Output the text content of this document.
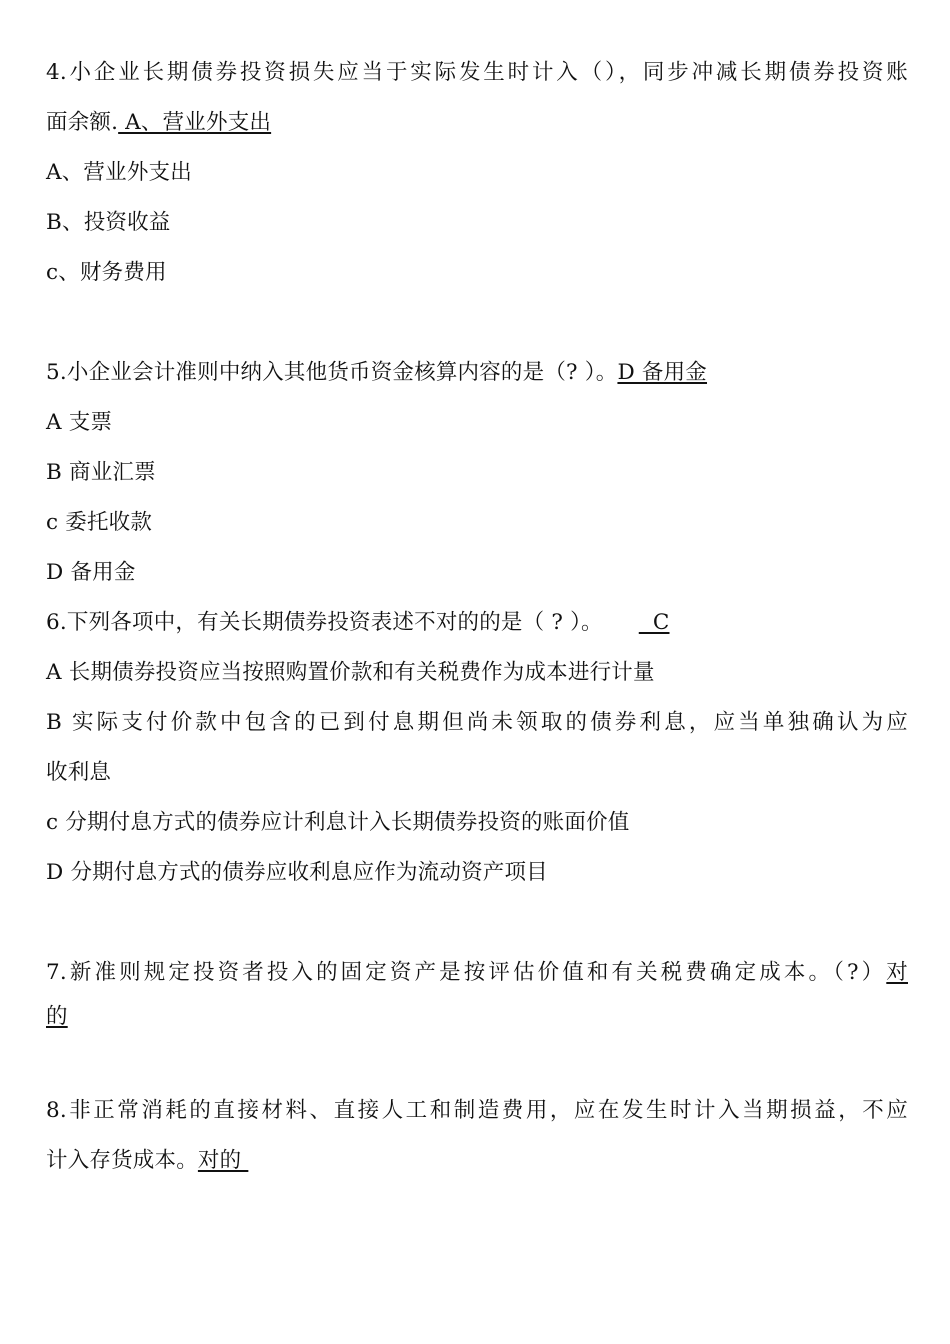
4.小企业长期债券投资损失应当于实际发生时计入（），同步冲减长期债券投资账
面余额. A、营业外支出
A、营业外支出
B、投资收益
c、财务费用
5.小企业会计准则中纳入其他货币资金核算内容的是（? ）。D 备用金
A 支票
B 商业汇票
c 委托收款
D 备用金
6.下列各项中，有关长期债券投资表述不对的的是（ ? ）。  C
A 长期债券投资应当按照购置价款和有关税费作为成本进行计量
B 实际支付价款中包含的已到付息期但尚未领取的债券利息，应当单独确认为应
收利息
c 分期付息方式的债券应计利息计入长期债券投资的账面价值
D 分期付息方式的债券应收利息应作为流动资产项目
7.新准则规定投资者投入的固定资产是按评估价值和有关税费确定成本。（?）对
的
8.非正常消耗的直接材料、直接人工和制造费用，应在发生时计入当期损益，不应
计入存货成本。对的
